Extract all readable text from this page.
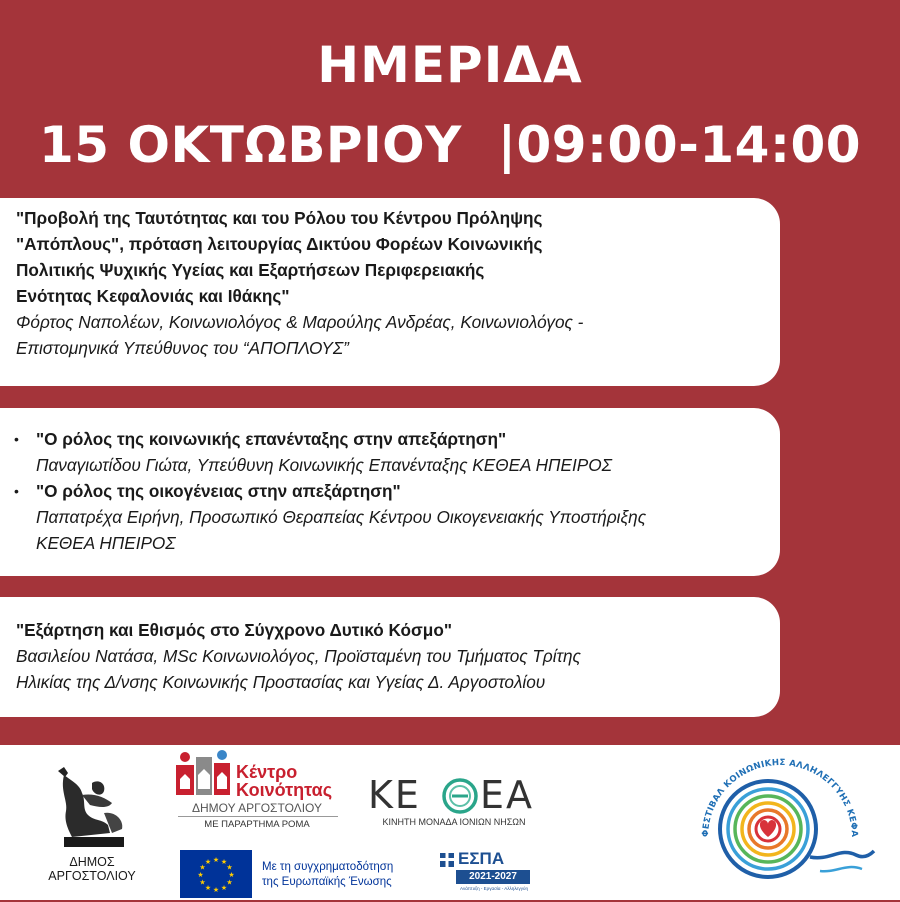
ΗΜΕΡΙΔΑ
15 ΟΚΤΩΒΡΙΟΥ  |09:00-14:00
"Προβολή της Ταυτότητας και του Ρόλου του Κέντρου Πρόληψης
"Απόπλους", πρόταση λειτουργίας Δικτύου Φορέων Κοινωνικής
Πολιτικής Ψυχικής Υγείας και Εξαρτήσεων Περιφερειακής
Ενότητας Κεφαλονιάς και Ιθάκης"
Φόρτος Ναπολέων, Κοινωνιολόγος & Μαρούλης Ανδρέας, Κοινωνιολόγος -
Επιστομηνικά Υπεύθυνος του “ΑΠΟΠΛΟΥΣ”
• "Ο ρόλος της κοινωνικής επανένταξης στην απεξάρτηση"
Παναγιωτίδου Γιώτα, Υπεύθυνη Κοινωνικής Επανένταξης ΚΕΘΕΑ ΗΠΕΙΡΟΣ
• "Ο ρόλος της οικογένειας στην απεξάρτηση"
Παπατρέχα Ειρήνη, Προσωπικό Θεραπείας Κέντρου Οικογενειακής Υποστήριξης
ΚΕΘΕΑ ΗΠΕΙΡΟΣ
"Εξάρτηση και Εθισμός στο Σύγχρονο Δυτικό Κόσμο"
Βασιλείου Νατάσα, MSc Κοινωνιολόγος, Προϊσταμένη του Τμήματος Τρίτης
Ηλικίας της Δ/νσης Κοινωνικής Προστασίας και Υγείας Δ. Αργοστολίου
ΔΗΜΟΣ
ΑΡΓΟΣΤΟΛΙΟΥ
Κέντρο
Κοινότητας
ΔΗΜΟΥ ΑΡΓΟΣΤΟΛΙΟΥ
ΜΕ ΠΑΡΑΡΤΗΜΑ ΡΟΜΑ
ΚΕ ΕΑ
ΚΙΝΗΤΗ ΜΟΝΑΔΑ ΙΟΝΙΩΝ ΝΗΣΩΝ
★ ★
★
★
★
★
★
★
★
★
★
★	Με τη συγχρηματοδότηση
της Ευρωπαϊκής Ένωσης
ΕΣΠΑ
2021-2027
Ανάπτυξη - Εργασία - Αλληλεγγύη
ΦΕΣΤΙΒΑΛ ΚΟΙΝΩΝΙΚΗΣ ΑΛΛΗΛΕΓΓΥΗΣ ΚΕΦΑ
